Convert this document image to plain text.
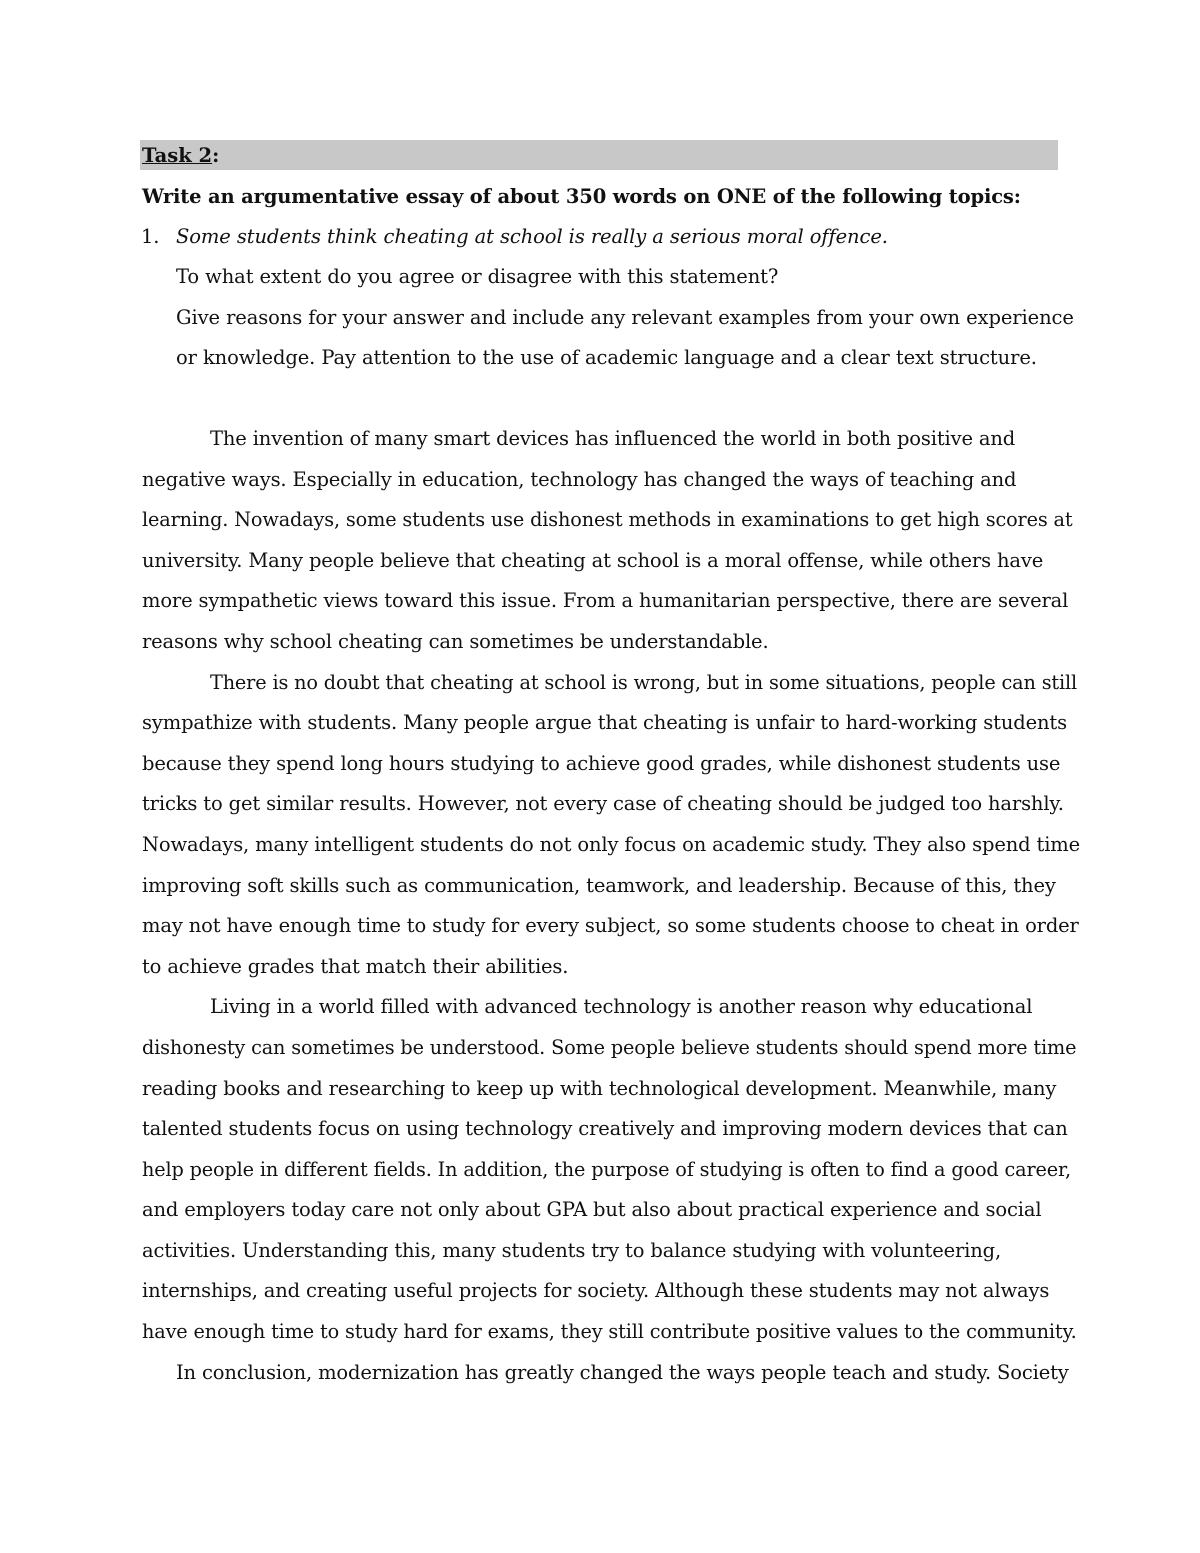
Task 2:
Write an argumentative essay of about 350 words on ONE of the following topics:
1. Some students think cheating at school is really a serious moral offence.
To what extent do you agree or disagree with this statement?
Give reasons for your answer and include any relevant examples from your own experience
or knowledge. Pay attention to the use of academic language and a clear text structure.
The invention of many smart devices has influenced the world in both positive and
negative ways. Especially in education, technology has changed the ways of teaching and
learning. Nowadays, some students use dishonest methods in examinations to get high scores at
university. Many people believe that cheating at school is a moral offense, while others have
more sympathetic views toward this issue. From a humanitarian perspective, there are several
reasons why school cheating can sometimes be understandable.
There is no doubt that cheating at school is wrong, but in some situations, people can still
sympathize with students. Many people argue that cheating is unfair to hard-working students
because they spend long hours studying to achieve good grades, while dishonest students use
tricks to get similar results. However, not every case of cheating should be judged too harshly.
Nowadays, many intelligent students do not only focus on academic study. They also spend time
improving soft skills such as communication, teamwork, and leadership. Because of this, they
may not have enough time to study for every subject, so some students choose to cheat in order
to achieve grades that match their abilities.
Living in a world filled with advanced technology is another reason why educational
dishonesty can sometimes be understood. Some people believe students should spend more time
reading books and researching to keep up with technological development. Meanwhile, many
talented students focus on using technology creatively and improving modern devices that can
help people in different fields. In addition, the purpose of studying is often to find a good career,
and employers today care not only about GPA but also about practical experience and social
activities. Understanding this, many students try to balance studying with volunteering,
internships, and creating useful projects for society. Although these students may not always
have enough time to study hard for exams, they still contribute positive values to the community.
In conclusion, modernization has greatly changed the ways people teach and study. Society
